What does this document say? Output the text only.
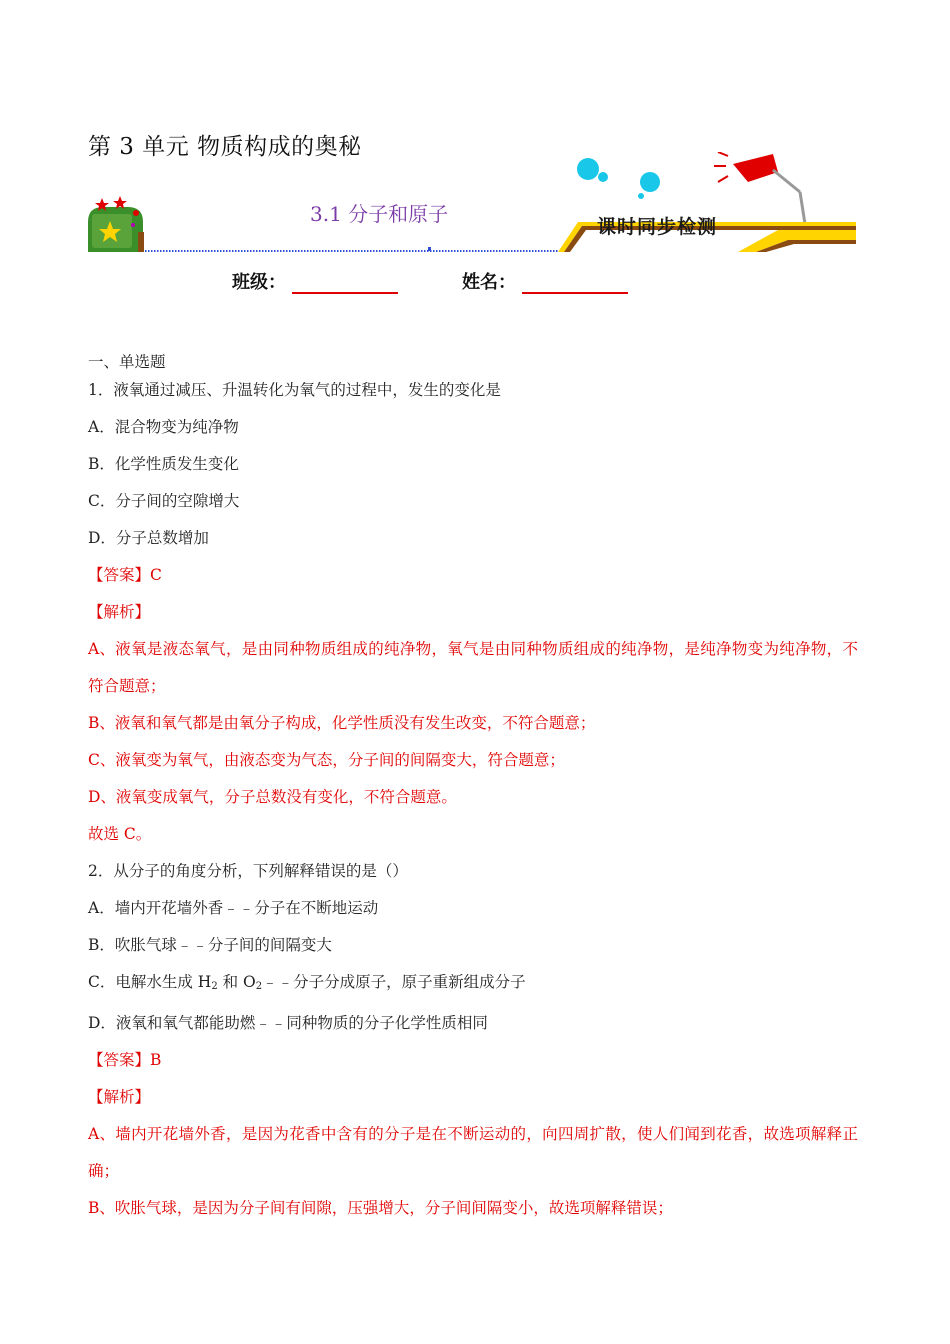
第 3 单元 物质构成的奥秘
3.1 分子和原子
课时同步检测
班级：	姓名：
一、单选题
1．液氧通过减压、升温转化为氧气的过程中，发生的变化是
A．混合物变为纯净物
B．化学性质发生变化
C．分子间的空隙增大
D．分子总数增加
【答案】C
【解析】
A、液氧是液态氧气，是由同种物质组成的纯净物，氧气是由同种物质组成的纯净物，是纯净物变为纯净物，不符合题意；
B、液氧和氧气都是由氧分子构成，化学性质没有发生改变，不符合题意；
C、液氧变为氧气，由液态变为气态，分子间的间隔变大，符合题意；
D、液氧变成氧气，分子总数没有变化，不符合题意。
故选 C。
2．从分子的角度分析，下列解释错误的是（）
A．墙内开花墙外香﹣﹣分子在不断地运动
B．吹胀气球﹣﹣分子间的间隔变大
C．电解水生成 $H_2$ 和 $O_2﹣﹣$分子分成原子，原子重新组成分子
D．液氧和氧气都能助燃﹣﹣同种物质的分子化学性质相同
【答案】B
【解析】
A、墙内开花墙外香，是因为花香中含有的分子是在不断运动的，向四周扩散，使人们闻到花香，故选项解释正确；
B、吹胀气球，是因为分子间有间隙，压强增大，分子间间隔变小，故选项解释错误；
